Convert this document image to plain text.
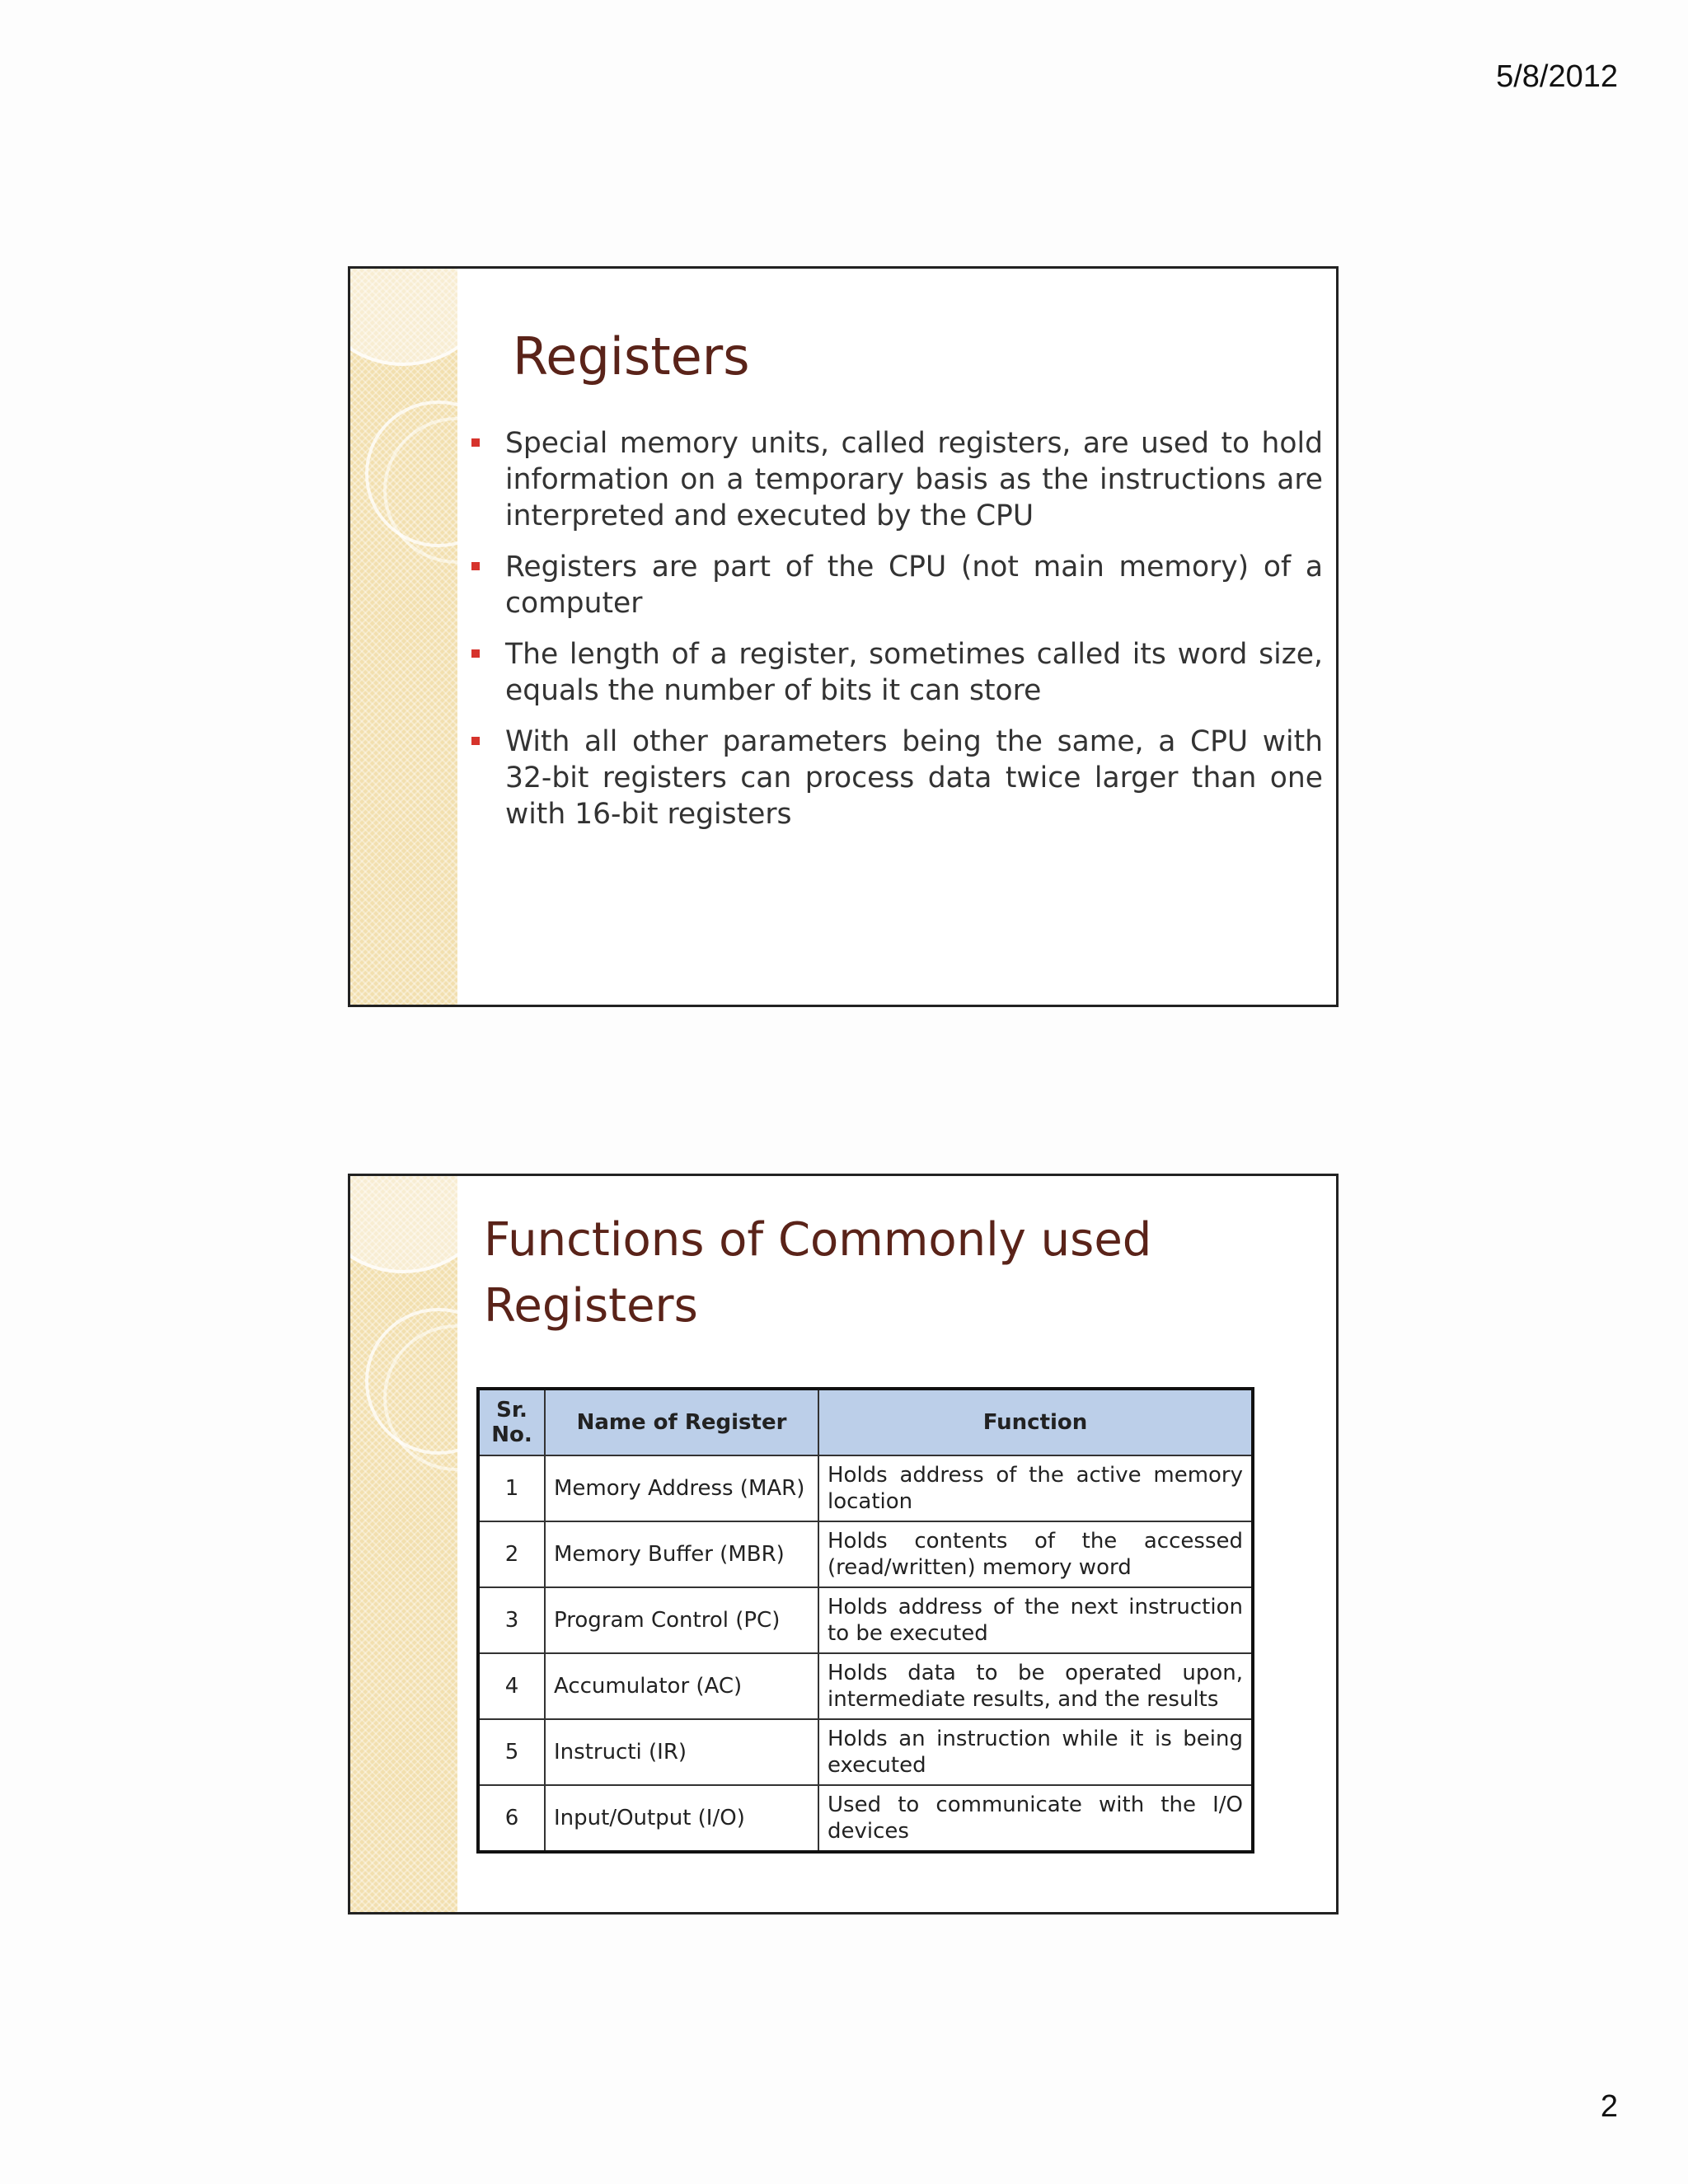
5/8/2012
Registers
Special memory units, called registers, are used to hold information on a temporary basis as the instructions are interpreted and executed by the CPU
Registers are part of the CPU (not main memory) of a computer
The length of a register, sometimes called its word size, equals the number of bits it can store
With all other parameters being the same, a CPU with 32-bit registers can process data twice larger than one with 16-bit registers
Functions of Commonly used Registers
Sr. No.	Name of Register	Function
1	Memory Address (MAR)	Holds address of the active memory location
2	Memory Buffer (MBR)	Holds contents of the accessed (read/written) memory word
3	Program Control (PC)	Holds address of the next instruction to be executed
4	Accumulator (AC)	Holds data to be operated upon, intermediate results, and the results
5	Instructi (IR)	Holds an instruction while it is being executed
6	Input/Output (I/O)	Used to communicate with the I/O devices
2
